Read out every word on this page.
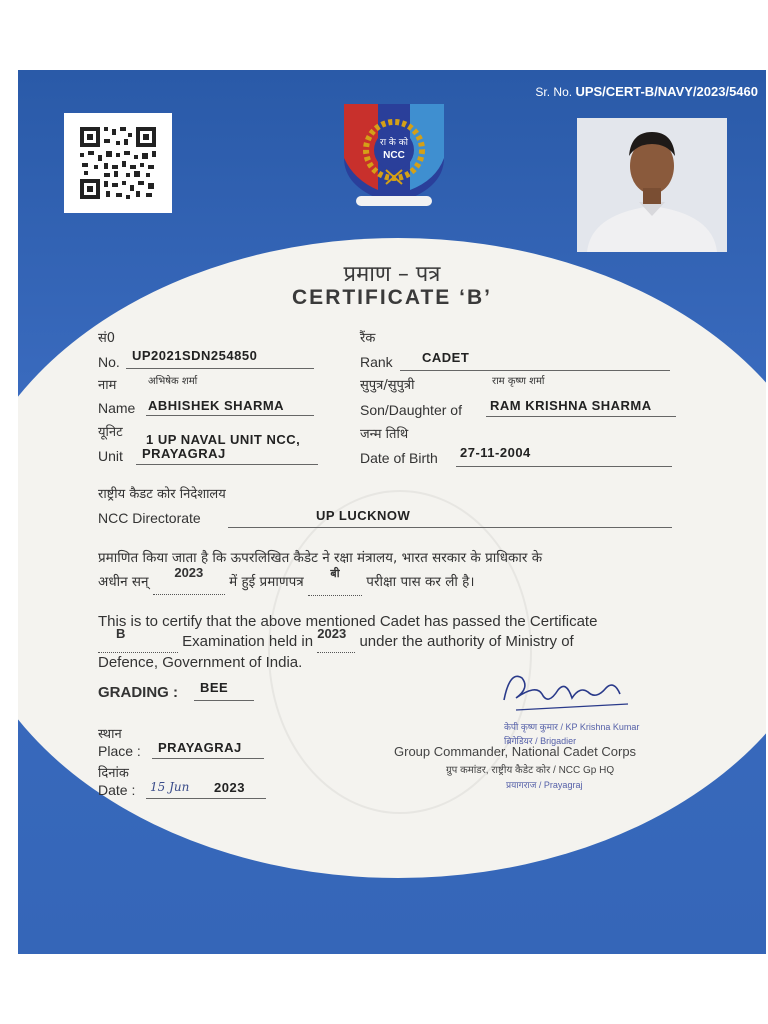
Sr. No. UPS/CERT-B/NAVY/2023/5460
रा के को
NCC
प्रमाण – पत्र
CERTIFICATE ‘B’
सं0
No. UP2021SDN254850
रैंक
Rank CADET
नाम	अभिषेक शर्मा
Name ABHISHEK SHARMA
सुपुत्र/सुपुत्री	राम कृष्ण शर्मा
Son/Daughter of RAM KRISHNA SHARMA
यूनिट 1 UP NAVAL UNIT NCC,
Unit PRAYAGRAJ
जन्म तिथि
Date of Birth 27-11-2004
राष्ट्रीय कैडट कोर निदेशालय
NCC Directorate	UP LUCKNOW
प्रमाणित किया जाता है कि ऊपरलिखित कैडेट ने रक्षा मंत्रालय, भारत सरकार के प्राधिकार के
अधीन सन् 2023 में हुई प्रमाणपत्र $^{बी}$ परीक्षा पास कर ली है।
This is to certify that the above mentioned Cadet has passed the Certificate
B	Examination held in 2023 under the authority of Ministry of
Defence, Government of India.
GRADING : BEE
स्थान
Place : PRAYAGRAJ
दिनांक
Date : 15 Jun 2023
केपी कृष्ण कुमार / KP Krishna Kumar
ब्रिगेडियर / Brigadier
Group Commander, National Cadet Corps
ग्रुप कमांडर, राष्ट्रीय कैडेट कोर / NCC Gp HQ
प्रयागराज / Prayagraj
